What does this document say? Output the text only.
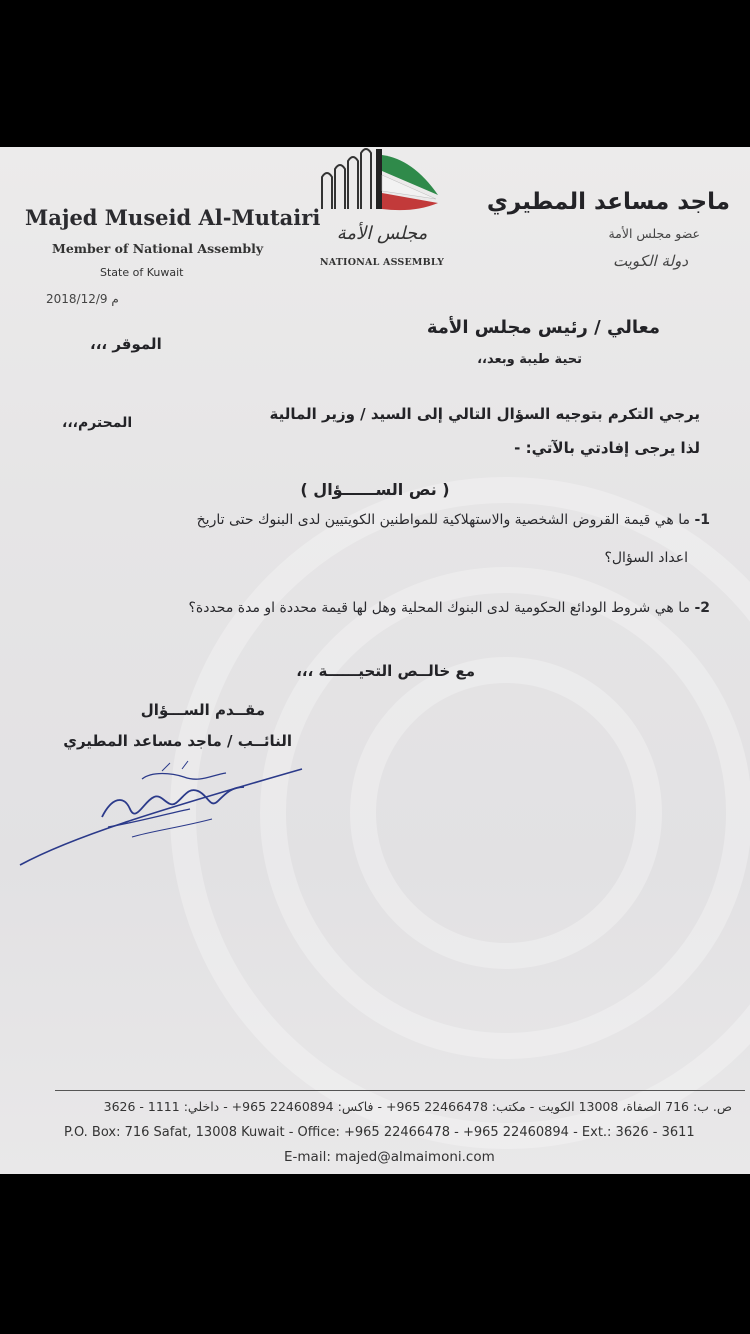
Majed Museid Al-Mutairi
Member of National Assembly
State of Kuwait
2018/12/9 م
مجلس الأمة
NATIONAL ASSEMBLY
ماجد مساعد المطيري
عضو مجلس الأمة
دولة الكويت
معالي / رئيس مجلس الأمة
الموقر ،،،
تحية طيبة وبعد،،
يرجي التكرم بتوجيه السؤال التالي إلى السيد / وزير المالية
المحترم،،،
لذا يرجى إفادتي بالآتي: -
( نص الســــــؤال )
1- ما هي قيمة القروض الشخصية والاستهلاكية للمواطنين الكويتيين لدى البنوك حتى تاريخ
اعداد السؤال؟
2- ما هي شروط الودائع الحكومية لدى البنوك المحلية وهل لها قيمة محددة او مدة محددة؟
مع خالــص التحيــــــة ،،،
مقــدم الســـؤال
النائــب / ماجد مساعد المطيري
ص. ب: 716 الصفاة، 13008 الكويت - مكتب: 22466478 965+ - فاكس: 22460894 965+ - داخلي: 1111 - 3626
P.O. Box: 716 Safat, 13008 Kuwait - Office: +965 22466478 - +965 22460894 - Ext.: 3626 - 3611
E-mail: majed@almaimoni.com
